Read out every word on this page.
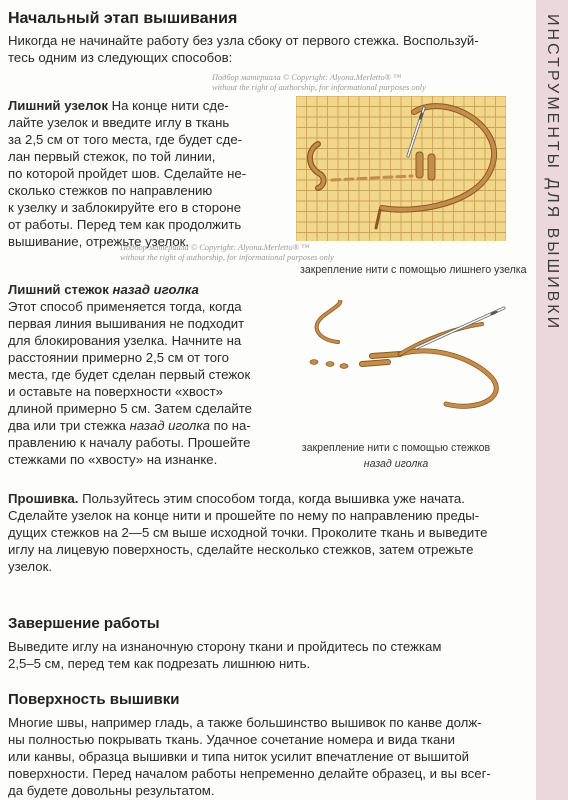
ИНСТРУМЕНТЫ ДЛЯ ВЫШИВКИ
Начальный этап вышивания

Никогда не начинайте работу без узла сбоку от первого стежка. Воспользуй-

тесь одним из следующих способов:

Подбор материала © Copyright: Alyona.Merletto® ™
without the right of authorship, for informational purposes only

Лишний узелок На конце нити сде-

лайте узелок и введите иглу в ткань

за 2,5 см от того места, где будет сде-

лан первый стежок, по той линии,

по которой пройдет шов. Сделайте не-

сколько стежков по направлению

к узелку и заблокируйте его в стороне

от работы. Перед тем как продолжить

вышивание, отрежьте узелок.

Подбор материала © Copyright: Alyona.Merletto® ™
without the right of authorship, for informational purposes only
закрепление нити с помощью лишнего узелка

Лишний стежок назад иголка

Этот способ применяется тогда, когда

первая линия вышивания не подходит

для блокирования узелка. Начните на

расстоянии примерно 2,5 см от того

места, где будет сделан первый стежок

и оставьте на поверхности «хвост»

длиной примерно 5 см. Затем сделайте

два или три стежка назад иголка по на-

правлению к началу работы. Прошейте

стежками по «хвосту» на изнанке.

закрепление нити с помощью стежков
назад иголка

Прошивка. Пользуйтесь этим способом тогда, когда вышивка уже начата.

Сделайте узелок на конце нити и прошейте по нему по направлению преды-

дущих стежков на 2—5 см выше исходной точки. Проколите ткань и выведите

иглу на лицевую поверхность, сделайте несколько стежков, затем отрежьте

узелок.

Завершение работы

Выведите иглу на изнаночную сторону ткани и пройдитесь по стежкам

2,5–5 см, перед тем как подрезать лишнюю нить.

Поверхность вышивки

Многие швы, например гладь, а также большинство вышивок по канве долж-

ны полностью покрывать ткань. Удачное сочетание номера и вида ткани

или канвы, образца вышивки и типа ниток усилит впечатление от вышитой

поверхности. Перед началом работы непременно делайте образец, и вы всег-

да будете довольны результатом.
